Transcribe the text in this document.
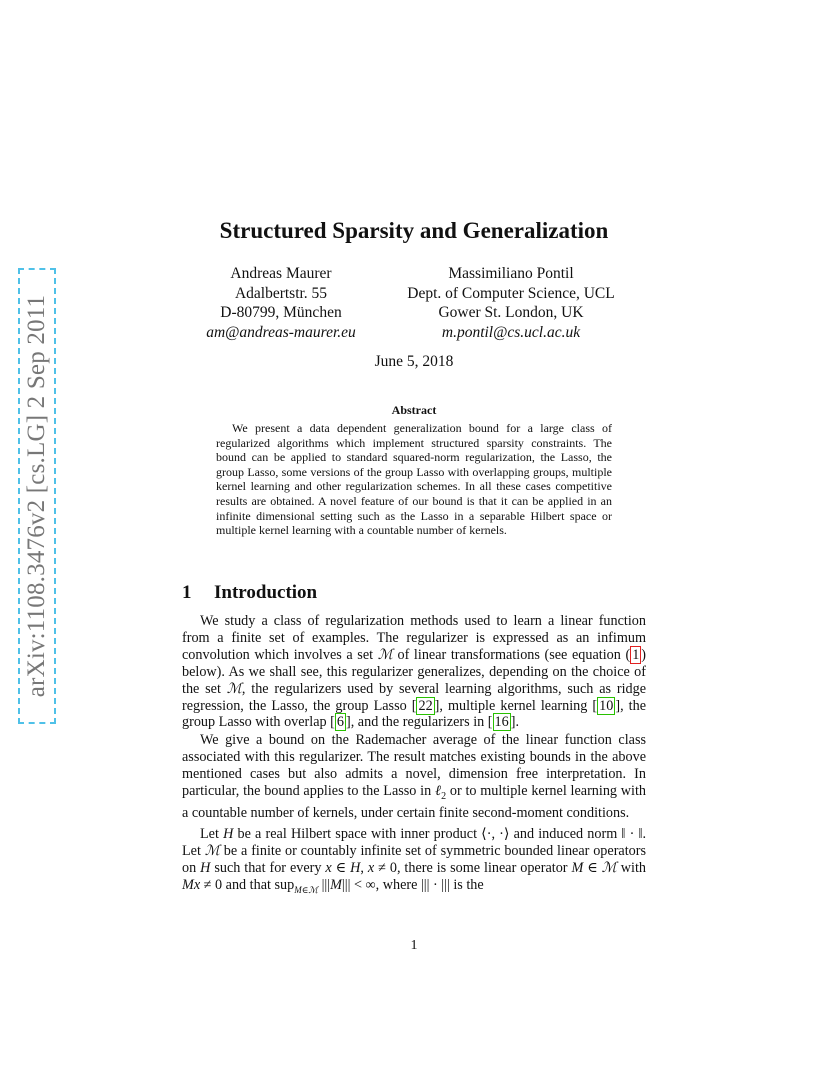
arXiv:1108.3476v2 [cs.LG] 2 Sep 2011
Structured Sparsity and Generalization
Andreas Maurer
Adalbertstr. 55
D-80799, München
am@andreas-maurer.eu
Massimiliano Pontil
Dept. of Computer Science, UCL
Gower St. London, UK
m.pontil@cs.ucl.ac.uk
June 5, 2018
Abstract

We present a data dependent generalization bound for a large class of regularized algorithms which implement structured sparsity constraints. The bound can be applied to standard squared-norm regularization, the Lasso, the group Lasso, some versions of the group Lasso with overlapping groups, multiple kernel learning and other regularization schemes. In all these cases competitive results are obtained. A novel feature of our bound is that it can be applied in an infinite dimensional setting such as the Lasso in a separable Hilbert space or multiple kernel learning with a countable number of kernels.

1 Introduction

We study a class of regularization methods used to learn a linear function from a finite set of examples. The regularizer is expressed as an infimum convolution which involves a set ℳ of linear transformations (see equation ( 1 ) below). As we shall see, this regularizer generalizes, depending on the choice of the set ℳ, the regularizers used by several learning algorithms, such as ridge regression, the Lasso, the group Lasso [ 22 ], multiple kernel learning [ 10 ], the group Lasso with overlap [ 6 ], and the regularizers in [ 16 ].

We give a bound on the Rademacher average of the linear function class associated with this regularizer. The result matches existing bounds in the above mentioned cases but also admits a novel, dimension free interpretation. In particular, the bound applies to the Lasso in ℓ$_2$ or to multiple kernel learning with a countable number of kernels, under certain finite second-moment conditions.

Let H be a real Hilbert space with inner product ⟨·, ·⟩ and induced norm ‖ · ‖. Let ℳ be a finite or countably infinite set of symmetric bounded linear operators on H such that for every x ∈ H, x ≠ 0, there is some linear operator M ∈ ℳ with Mx ≠ 0 and that sup$_{M\in ℳ}$ |||M||| < ∞, where ||| · ||| is the

1
